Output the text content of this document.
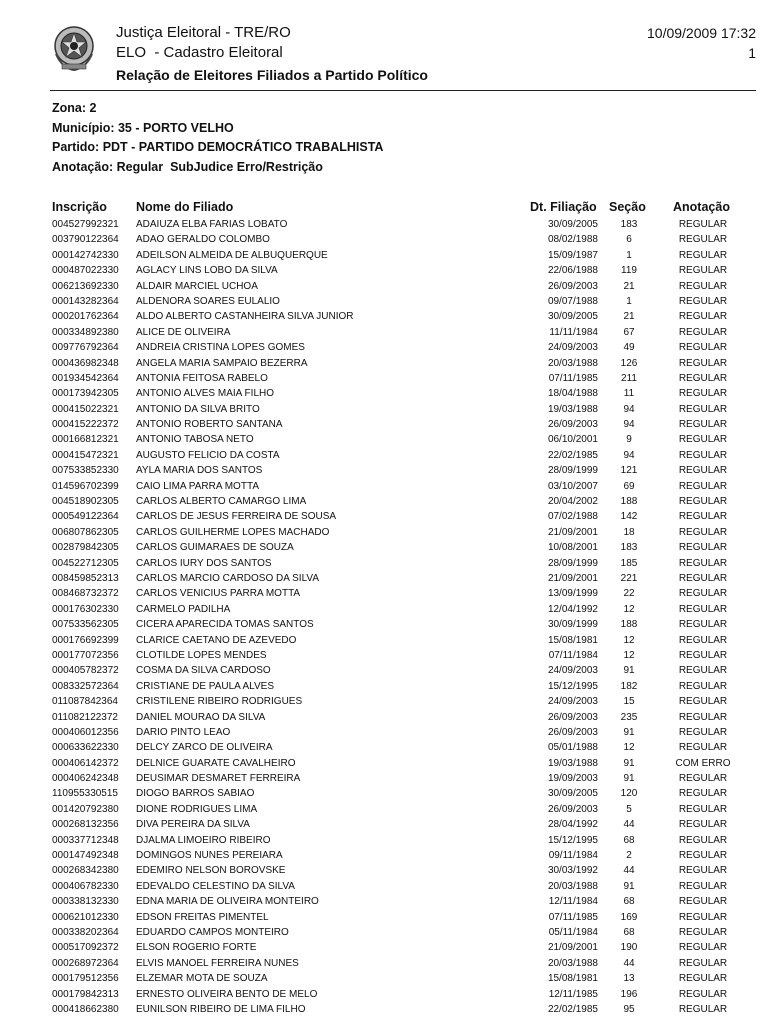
Justiça Eleitoral - TRE/RO
ELO  - Cadastro Eleitoral
Relação de Eleitores Filiados a Partido Político
10/09/2009 17:32
1
Zona: 2
Município: 35 - PORTO VELHO
Partido: PDT - PARTIDO DEMOCRÁTICO TRABALHISTA
Anotação: Regular  SubJudice Erro/Restrição
Inscrição Nome do Filiado	Dt. Filiação Seção Anotação
004527992321 ADAIUZA ELBA FARIAS LOBATO	30/09/2005	183	REGULAR
003790122364 ADAO GERALDO COLOMBO	08/02/1988	6	REGULAR
000142742330 ADEILSON ALMEIDA DE ALBUQUERQUE	15/09/1987	1	REGULAR
000487022330 AGLACY LINS LOBO DA SILVA	22/06/1988	119	REGULAR
006213692330 ALDAIR MARCIEL UCHOA	26/09/2003	21	REGULAR
000143282364 ALDENORA SOARES EULALIO	09/07/1988	1	REGULAR
000201762364 ALDO ALBERTO CASTANHEIRA SILVA JUNIOR	30/09/2005	21	REGULAR
000334892380 ALICE DE OLIVEIRA	11/11/1984	67	REGULAR
009776792364 ANDREIA CRISTINA LOPES GOMES	24/09/2003	49	REGULAR
000436982348 ANGELA MARIA SAMPAIO BEZERRA	20/03/1988	126	REGULAR
001934542364 ANTONIA FEITOSA RABELO	07/11/1985	211	REGULAR
000173942305 ANTONIO ALVES MAIA FILHO	18/04/1988	11	REGULAR
000415022321 ANTONIO DA SILVA BRITO	19/03/1988	94	REGULAR
000415222372 ANTONIO ROBERTO SANTANA	26/09/2003	94	REGULAR
000166812321 ANTONIO TABOSA NETO	06/10/2001	9	REGULAR
000415472321 AUGUSTO FELICIO DA COSTA	22/02/1985	94	REGULAR
007533852330 AYLA MARIA DOS SANTOS	28/09/1999	121	REGULAR
014596702399 CAIO LIMA PARRA MOTTA	03/10/2007	69	REGULAR
004518902305 CARLOS ALBERTO CAMARGO LIMA	20/04/2002	188	REGULAR
000549122364 CARLOS DE JESUS FERREIRA DE SOUSA	07/02/1988	142	REGULAR
006807862305 CARLOS GUILHERME LOPES MACHADO	21/09/2001	18	REGULAR
002879842305 CARLOS GUIMARAES DE SOUZA	10/08/2001	183	REGULAR
004522712305 CARLOS IURY DOS SANTOS	28/09/1999	185	REGULAR
008459852313 CARLOS MARCIO CARDOSO DA SILVA	21/09/2001	221	REGULAR
008468732372 CARLOS VENICIUS PARRA MOTTA	13/09/1999	22	REGULAR
000176302330 CARMELO PADILHA	12/04/1992	12	REGULAR
007533562305 CICERA APARECIDA TOMAS SANTOS	30/09/1999	188	REGULAR
000176692399 CLARICE CAETANO DE AZEVEDO	15/08/1981	12	REGULAR
000177072356 CLOTILDE LOPES MENDES	07/11/1984	12	REGULAR
000405782372 COSMA DA SILVA CARDOSO	24/09/2003	91	REGULAR
008332572364 CRISTIANE DE PAULA ALVES	15/12/1995	182	REGULAR
011087842364 CRISTILENE RIBEIRO RODRIGUES	24/09/2003	15	REGULAR
011082122372 DANIEL MOURAO DA SILVA	26/09/2003	235	REGULAR
000406012356 DARIO PINTO LEAO	26/09/2003	91	REGULAR
000633622330 DELCY ZARCO DE OLIVEIRA	05/01/1988	12	REGULAR
000406142372 DELNICE GUARATE CAVALHEIRO	19/03/1988	91	COM ERRO
000406242348 DEUSIMAR DESMARET FERREIRA	19/09/2003	91	REGULAR
110955330515 DIOGO BARROS SABIAO	30/09/2005	120	REGULAR
001420792380 DIONE RODRIGUES LIMA	26/09/2003	5	REGULAR
000268132356 DIVA PEREIRA DA SILVA	28/04/1992	44	REGULAR
000337712348 DJALMA LIMOEIRO RIBEIRO	15/12/1995	68	REGULAR
000147492348 DOMINGOS NUNES PEREIARA	09/11/1984	2	REGULAR
000268342380 EDEMIRO NELSON BOROVSKE	30/03/1992	44	REGULAR
000406782330 EDEVALDO CELESTINO DA SILVA	20/03/1988	91	REGULAR
000338132330 EDNA MARIA DE OLIVEIRA MONTEIRO	12/11/1984	68	REGULAR
000621012330 EDSON FREITAS PIMENTEL	07/11/1985	169	REGULAR
000338202364 EDUARDO CAMPOS MONTEIRO	05/11/1984	68	REGULAR
000517092372 ELSON ROGERIO FORTE	21/09/2001	190	REGULAR
000268972364 ELVIS MANOEL FERREIRA NUNES	20/03/1988	44	REGULAR
000179512356 ELZEMAR MOTA DE SOUZA	15/08/1981	13	REGULAR
000179842313 ERNESTO OLIVEIRA BENTO DE MELO	12/11/1985	196	REGULAR
000418662380 EUNILSON RIBEIRO DE LIMA FILHO	22/02/1985	95	REGULAR
